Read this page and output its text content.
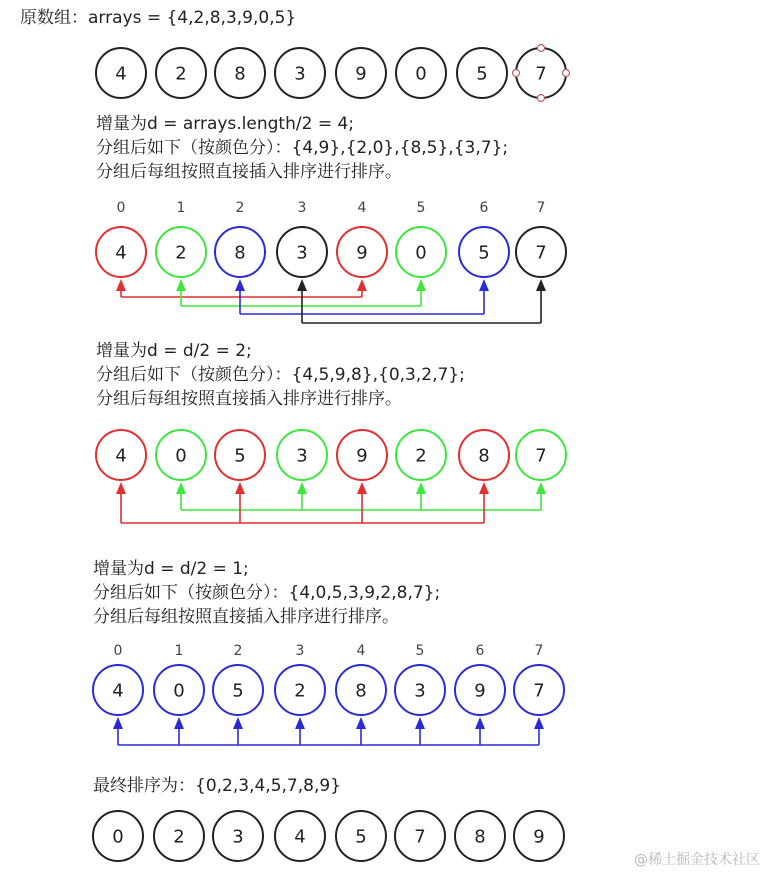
原数组：arrays = {4,2,8,3,9,0,5}
增量为d = arrays.length/2 = 4;
分组后如下（按颜色分）：{4,9},{2,0},{8,5},{3,7};
分组后每组按照直接插入排序进行排序。
增量为d = d/2 = 2;
分组后如下（按颜色分）：{4,5,9,8},{0,3,2,7};
分组后每组按照直接插入排序进行排序。
增量为d = d/2 = 1;
分组后如下（按颜色分）：{4,0,5,3,9,2,8,7};
分组后每组按照直接插入排序进行排序。
最终排序为：{0,2,3,4,5,7,8,9}
4	2	8	3	9	0	5	7
0	1	2	3	4	5	6	7
4	2	8	3	9	0	5	7
4	0	5	3	9	2	8	7
0	1	2	3	4	5	6	7
4	0	5	2	8	3	9	7
0	2	3	4	5	7	8	9
@稀土掘金技术社区
